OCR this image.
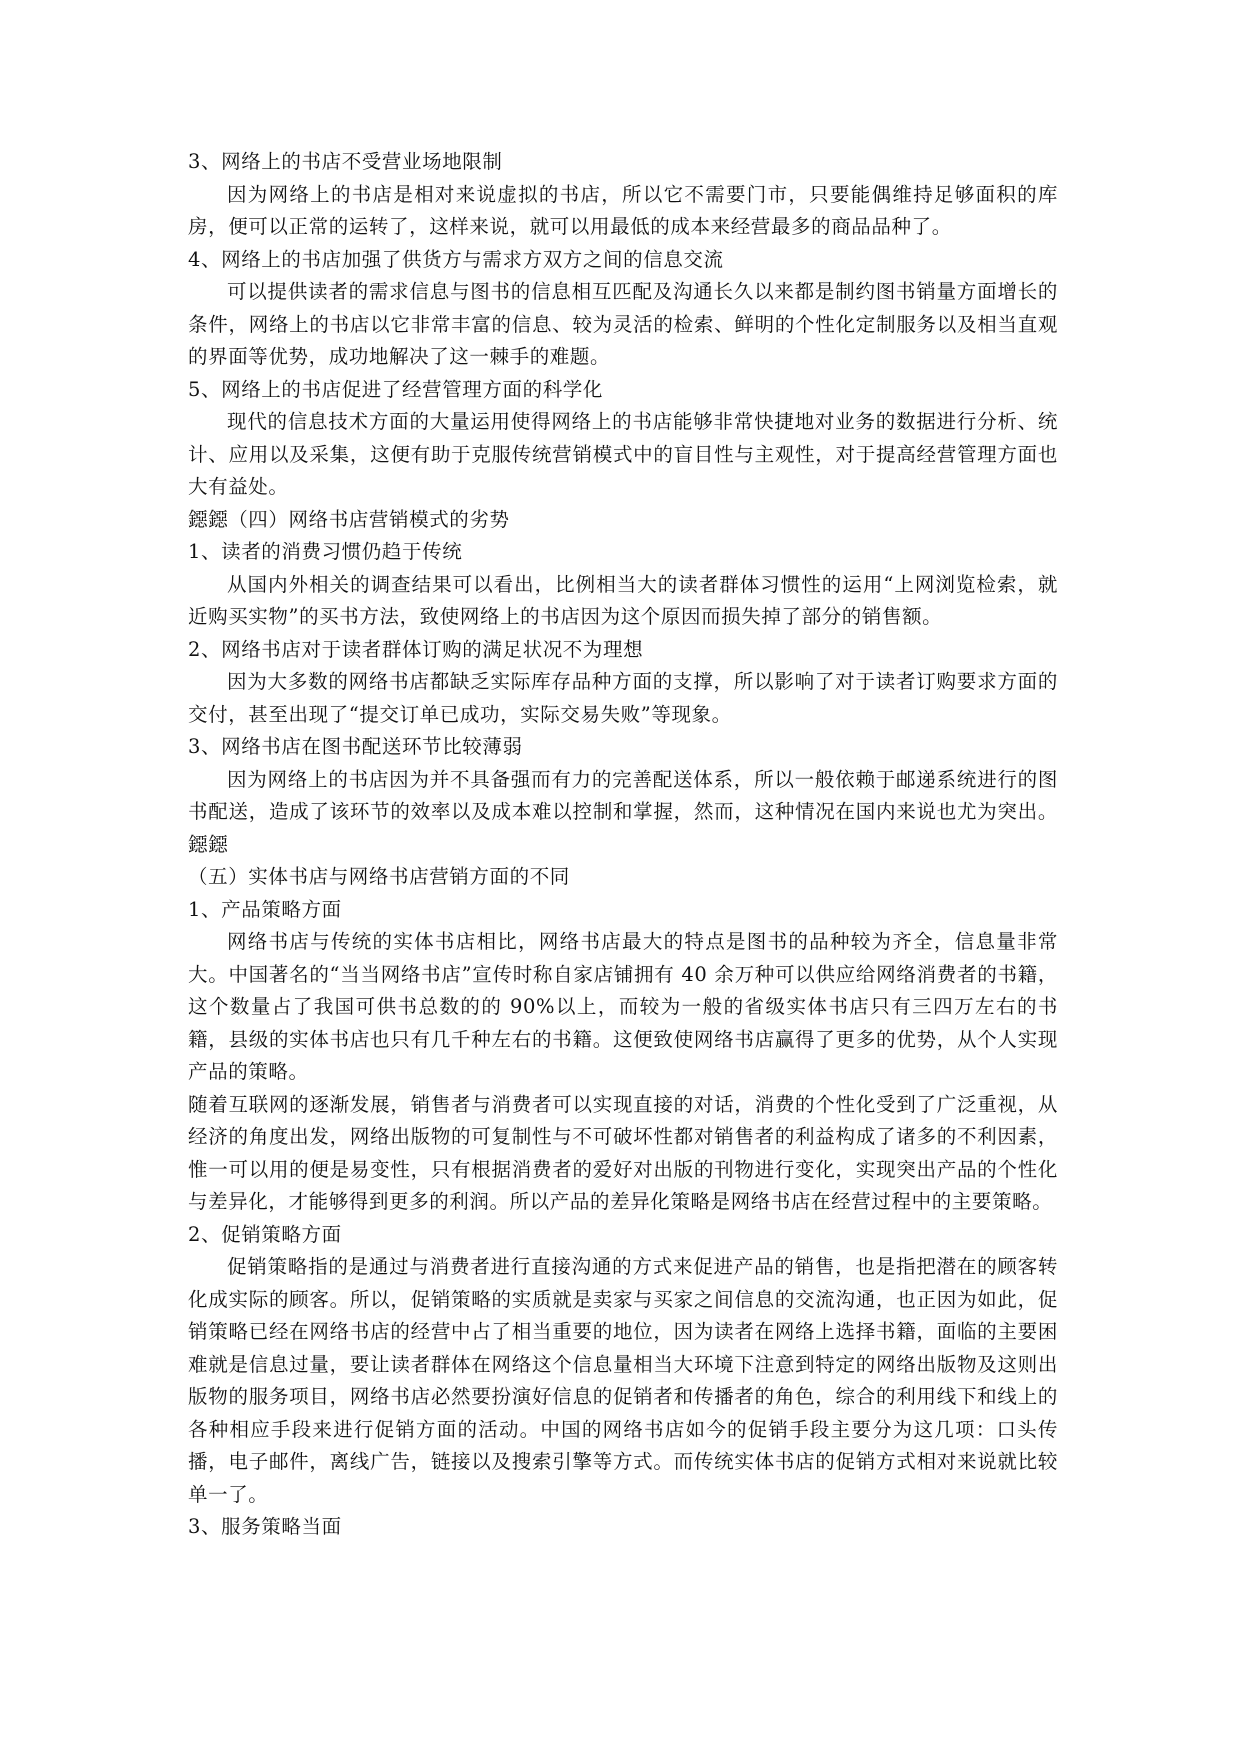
3、网络上的书店不受营业场地限制

因为网络上的书店是相对来说虚拟的书店，所以它不需要门市，只要能偶维持足够面积的库房，便可以正常的运转了，这样来说，就可以用最低的成本来经营最多的商品品种了。

4、网络上的书店加强了供货方与需求方双方之间的信息交流

可以提供读者的需求信息与图书的信息相互匹配及沟通长久以来都是制约图书销量方面增长的条件，网络上的书店以它非常丰富的信息、较为灵活的检索、鲜明的个性化定制服务以及相当直观的界面等优势，成功地解决了这一棘手的难题。

5、网络上的书店促进了经营管理方面的科学化

现代的信息技术方面的大量运用使得网络上的书店能够非常快捷地对业务的数据进行分析、统计、应用以及采集，这便有助于克服传统营销模式中的盲目性与主观性，对于提高经营管理方面也大有益处。

鐚鐚（四）网络书店营销模式的劣势

1、读者的消费习惯仍趋于传统

从国内外相关的调查结果可以看出，比例相当大的读者群体习惯性的运用“上网浏览检索，就近购买实物”的买书方法，致使网络上的书店因为这个原因而损失掉了部分的销售额。

2、网络书店对于读者群体订购的满足状况不为理想

因为大多数的网络书店都缺乏实际库存品种方面的支撑，所以影响了对于读者订购要求方面的交付，甚至出现了“提交订单已成功，实际交易失败”等现象。

3、网络书店在图书配送环节比较薄弱

因为网络上的书店因为并不具备强而有力的完善配送体系，所以一般依赖于邮递系统进行的图书配送，造成了该环节的效率以及成本难以控制和掌握，然而，这种情况在国内来说也尤为突出。 鐚鐚

（五）实体书店与网络书店营销方面的不同

1、产品策略方面

网络书店与传统的实体书店相比，网络书店最大的特点是图书的品种较为齐全，信息量非常大。中国著名的“当当网络书店”宣传时称自家店铺拥有 40 余万种可以供应给网络消费者的书籍，这个数量占了我国可供书总数的的 90%以上，而较为一般的省级实体书店只有三四万左右的书籍，县级的实体书店也只有几千种左右的书籍。这便致使网络书店赢得了更多的优势，从个人实现产品的策略。

随着互联网的逐渐发展，销售者与消费者可以实现直接的对话，消费的个性化受到了广泛重视，从经济的角度出发，网络出版物的可复制性与不可破坏性都对销售者的利益构成了诸多的不利因素，惟一可以用的便是易变性，只有根据消费者的爱好对出版的刊物进行变化，实现突出产品的个性化与差异化，才能够得到更多的利润。所以产品的差异化策略是网络书店在经营过程中的主要策略。

2、促销策略方面

促销策略指的是通过与消费者进行直接沟通的方式来促进产品的销售，也是指把潜在的顾客转化成实际的顾客。所以，促销策略的实质就是卖家与买家之间信息的交流沟通，也正因为如此，促销策略已经在网络书店的经营中占了相当重要的地位，因为读者在网络上选择书籍，面临的主要困难就是信息过量，要让读者群体在网络这个信息量相当大环境下注意到特定的网络出版物及这则出版物的服务项目，网络书店必然要扮演好信息的促销者和传播者的角色，综合的利用线下和线上的各种相应手段来进行促销方面的活动。中国的网络书店如今的促销手段主要分为这几项：口头传播，电子邮件，离线广告，链接以及搜索引擎等方式。而传统实体书店的促销方式相对来说就比较单一了。

3、服务策略当面
